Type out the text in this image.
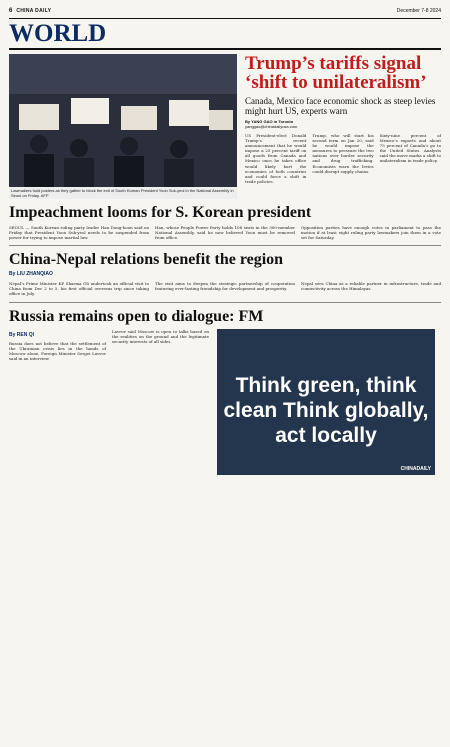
6 CHINA DAILY	December 7-8 2024
WORLD
Lawmakers hold posters as they gather to block the exit of South Korean President Yoon Suk-yeol in the National Assembly in Seoul on Friday. AFP
Trump’s tariffs signal ‘shift to unilateralism’
Canada, Mexico face economic shock as steep levies might hurt US, experts warn
By YANG GAO in Toronto
yanggao@chinadailyusa.com
US President-elect Donald Trump’s recent announcement that he would impose a 25 percent tariff on all goods from Canada and Mexico once he takes office would likely hurt the economies of both countries and could force a shift in trade policies.
Trump, who will start his second term on Jan 20, said he would impose the measures to pressure the two nations over border security and drug trafficking. Economists warn the levies could disrupt supply chains.
Sixty-nine percent of Mexico’s exports and about 75 percent of Canada’s go to the United States. Analysts said the move marks a shift to unilateralism in trade policy.
Impeachment looms for S. Korean president
SEOUL — South Korean ruling party leader Han Dong-hoon said on Friday that President Yoon Suk-yeol needs to be suspended from power for trying to impose martial law.
Han, whose People Power Party holds 108 seats in the 300-member National Assembly, said he now believed Yoon must be removed from office.
Opposition parties have enough votes in parliament to pass the motion if at least eight ruling party lawmakers join them in a vote set for Saturday.
China-Nepal relations benefit the region
By LIU ZHANQIAO
Nepal’s Prime Minister KP Sharma Oli undertook an official visit to China from Dec 2 to 5, his first official overseas trip since taking office in July.
The visit aims to deepen the strategic partnership of cooperation featuring ever-lasting friendship for development and prosperity.
Nepal sees China as a reliable partner in infrastructure, trade and connectivity across the Himalayas.
Russia remains open to dialogue: FM
By REN QI
Russia does not believe that the settlement of the Ukrainian crisis lies in the hands of Moscow alone, Foreign Minister Sergei Lavrov said in an interview.
Lavrov said Moscow is open to talks based on the realities on the ground and the legitimate security interests of all sides.
Think green, think clean Think globally, act locally
CHINADAILY
